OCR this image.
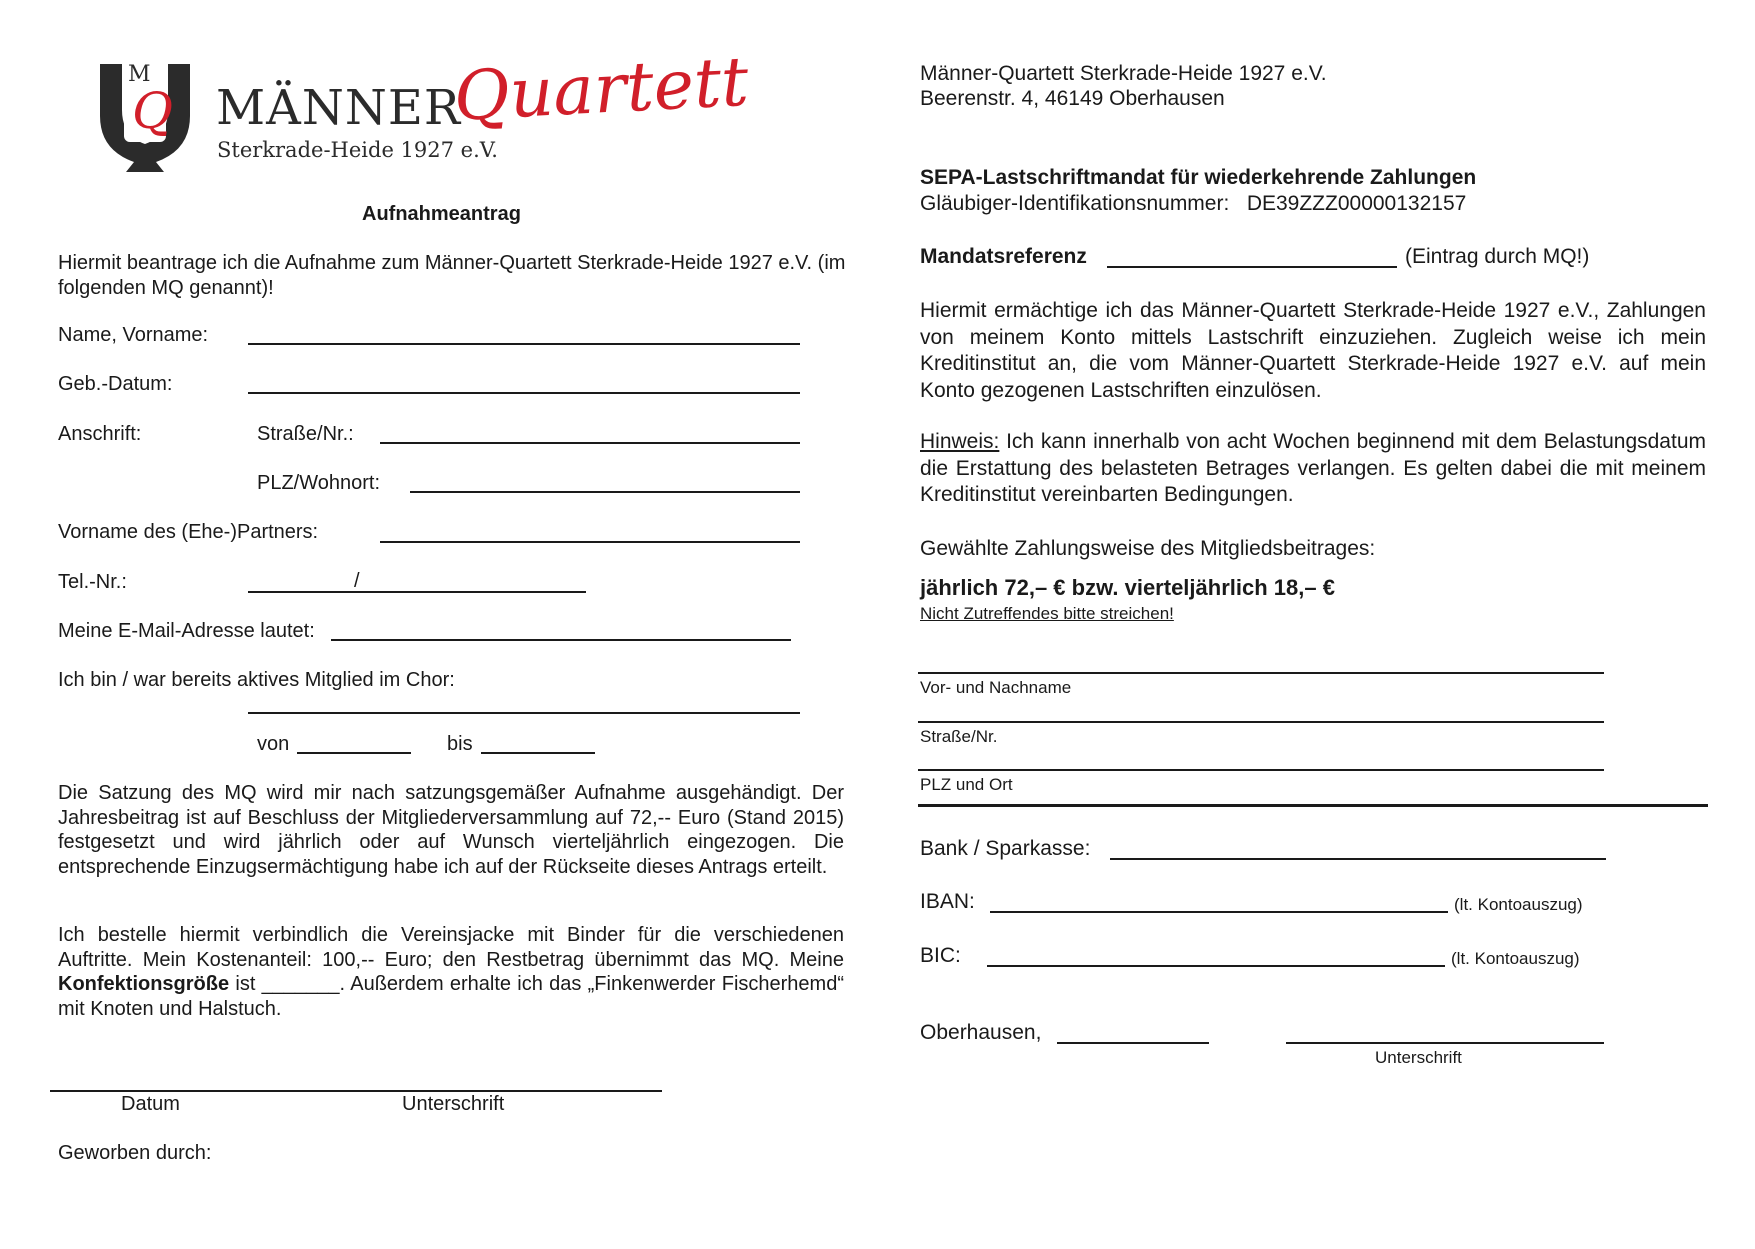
M
Q MÄNNER
Sterkrade-Heide 1927 e.V.
Quartett
Aufnahmeantrag
Hiermit beantrage ich die Aufnahme zum Männer-Quartett Sterkrade-Heide 1927 e.V. (im folgenden MQ genannt)!
Name, Vorname:
Geb.-Datum:
Anschrift:	Straße/Nr.:
PLZ/Wohnort:
Vorname des (Ehe-)Partners:
Tel.-Nr.:	/
Meine E-Mail-Adresse lautet:
Ich bin / war bereits aktives Mitglied im Chor:
von	bis
Die Satzung des MQ wird mir nach satzungsgemäßer Aufnahme ausgehändigt. Der Jahresbeitrag ist auf Beschluss der Mitgliederversammlung auf 72,-- Euro (Stand 2015) festgesetzt und wird jährlich oder auf Wunsch vierteljährlich eingezogen. Die entsprechende Einzugsermächtigung habe ich auf der Rückseite dieses Antrags erteilt.
Ich bestelle hiermit verbindlich die Vereinsjacke mit Binder für die verschiedenen Auftritte. Mein Kostenanteil: 100,-- Euro; den Restbetrag übernimmt das MQ. Meine Konfektionsgröße ist _______. Außerdem erhalte ich das „Finkenwerder Fischerhemd“ mit Knoten und Halstuch.
Datum	Unterschrift
Geworben durch:
Männer-Quartett Sterkrade-Heide 1927 e.V.
Beerenstr. 4, 46149 Oberhausen
SEPA-Lastschriftmandat für wiederkehrende Zahlungen
Gläubiger-Identifikationsnummer: DE39ZZZ00000132157
Mandatsreferenz	(Eintrag durch MQ!)
Hiermit ermächtige ich das Männer-Quartett Sterkrade-Heide 1927 e.V., Zahlungen von meinem Konto mittels Lastschrift einzuziehen. Zugleich weise ich mein Kreditinstitut an, die vom Männer-Quartett Sterkrade-Heide 1927 e.V. auf mein Konto gezogenen Lastschriften einzulösen.
Hinweis: Ich kann innerhalb von acht Wochen beginnend mit dem Belastungsdatum die Erstattung des belasteten Betrages verlangen. Es gelten dabei die mit meinem Kreditinstitut vereinbarten Bedingungen.
Gewählte Zahlungsweise des Mitgliedsbeitrages:
jährlich 72,– € bzw. vierteljährlich 18,– €
Nicht Zutreffendes bitte streichen!
Vor- und Nachname
Straße/Nr.
PLZ und Ort
Bank / Sparkasse:
IBAN:	(lt. Kontoauszug)
BIC:	(lt. Kontoauszug)
Oberhausen,
Unterschrift
